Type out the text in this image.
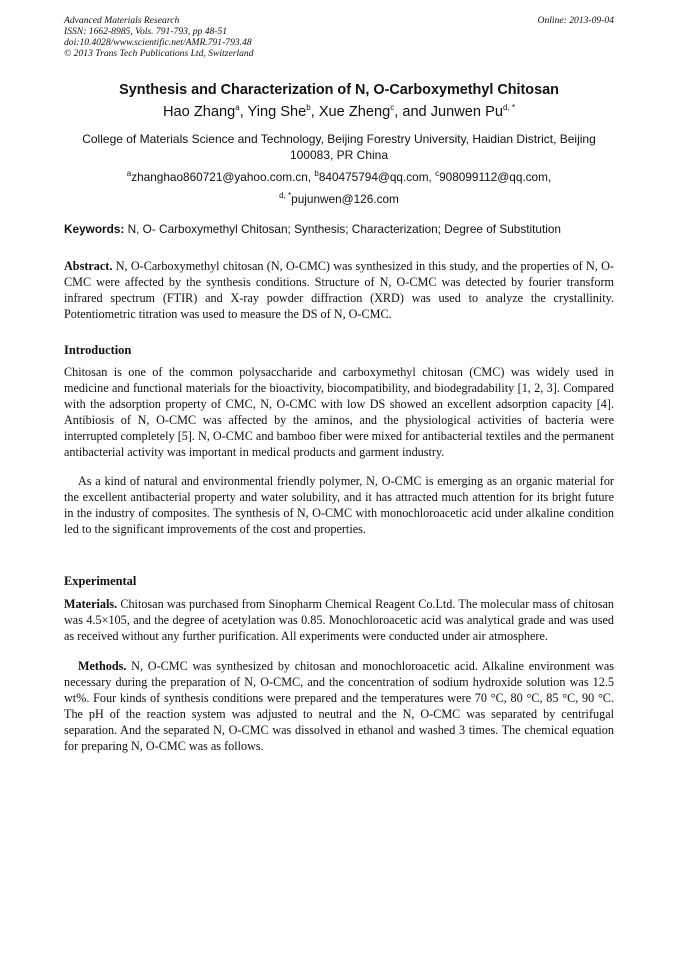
Advanced Materials Research
ISSN: 1662-8985, Vols. 791-793, pp 48-51
doi:10.4028/www.scientific.net/AMR.791-793.48
© 2013 Trans Tech Publications Ltd, Switzerland
Online: 2013-09-04
Synthesis and Characterization of N, O-Carboxymethyl Chitosan
Hao Zhang$^a$, Ying She$^b$, Xue Zheng$^c$, and Junwen $Pu^{d, *}$
College of Materials Science and Technology, Beijing Forestry University, Haidian District, Beijing 100083, PR China
$^a$zhanghao860721@yahoo.com.cn, $^b$840475794@qq.com, $^c$908099112@qq.com,
$^{d, *}$pujunwen@126.com
Keywords: N, O- Carboxymethyl Chitosan; Synthesis; Characterization; Degree of Substitution
Abstract. N, O-Carboxymethyl chitosan (N, O-CMC) was synthesized in this study, and the properties of N, O-CMC were affected by the synthesis conditions. Structure of N, O-CMC was detected by fourier transform infrared spectrum (FTIR) and X-ray powder diffraction (XRD) was used to analyze the crystallinity. Potentiometric titration was used to measure the DS of N, O-CMC.
Introduction
Chitosan is one of the common polysaccharide and carboxymethyl chitosan (CMC) was widely used in medicine and functional materials for the bioactivity, biocompatibility, and biodegradability [1, 2, 3]. Compared with the adsorption property of CMC, N, O-CMC with low DS showed an excellent adsorption capacity [4]. Antibiosis of N, O-CMC was affected by the aminos, and the physiological activities of bacteria were interrupted completely [5]. N, O-CMC and bamboo fiber were mixed for antibacterial textiles and the permanent antibacterial activity was important in medical products and garment industry.
As a kind of natural and environmental friendly polymer, N, O-CMC is emerging as an organic material for the excellent antibacterial property and water solubility, and it has attracted much attention for its bright future in the industry of composites. The synthesis of N, O-CMC with monochloroacetic acid under alkaline condition led to the significant improvements of the cost and properties.
Experimental
Materials. Chitosan was purchased from Sinopharm Chemical Reagent Co.Ltd. The molecular mass of chitosan was 4.5×105, and the degree of acetylation was 0.85. Monochloroacetic acid was analytical grade and was used as received without any further purification. All experiments were conducted under air atmosphere.
Methods. N, O-CMC was synthesized by chitosan and monochloroacetic acid. Alkaline environment was necessary during the preparation of N, O-CMC, and the concentration of sodium hydroxide solution was 12.5 wt%. Four kinds of synthesis conditions were prepared and the temperatures were 70 °C, 80 °C, 85 °C, 90 °C. The pH of the reaction system was adjusted to neutral and the N, O-CMC was separated by centrifugal separation. And the separated N, O-CMC was dissolved in ethanol and washed 3 times. The chemical equation for preparing N, O-CMC was as follows.
